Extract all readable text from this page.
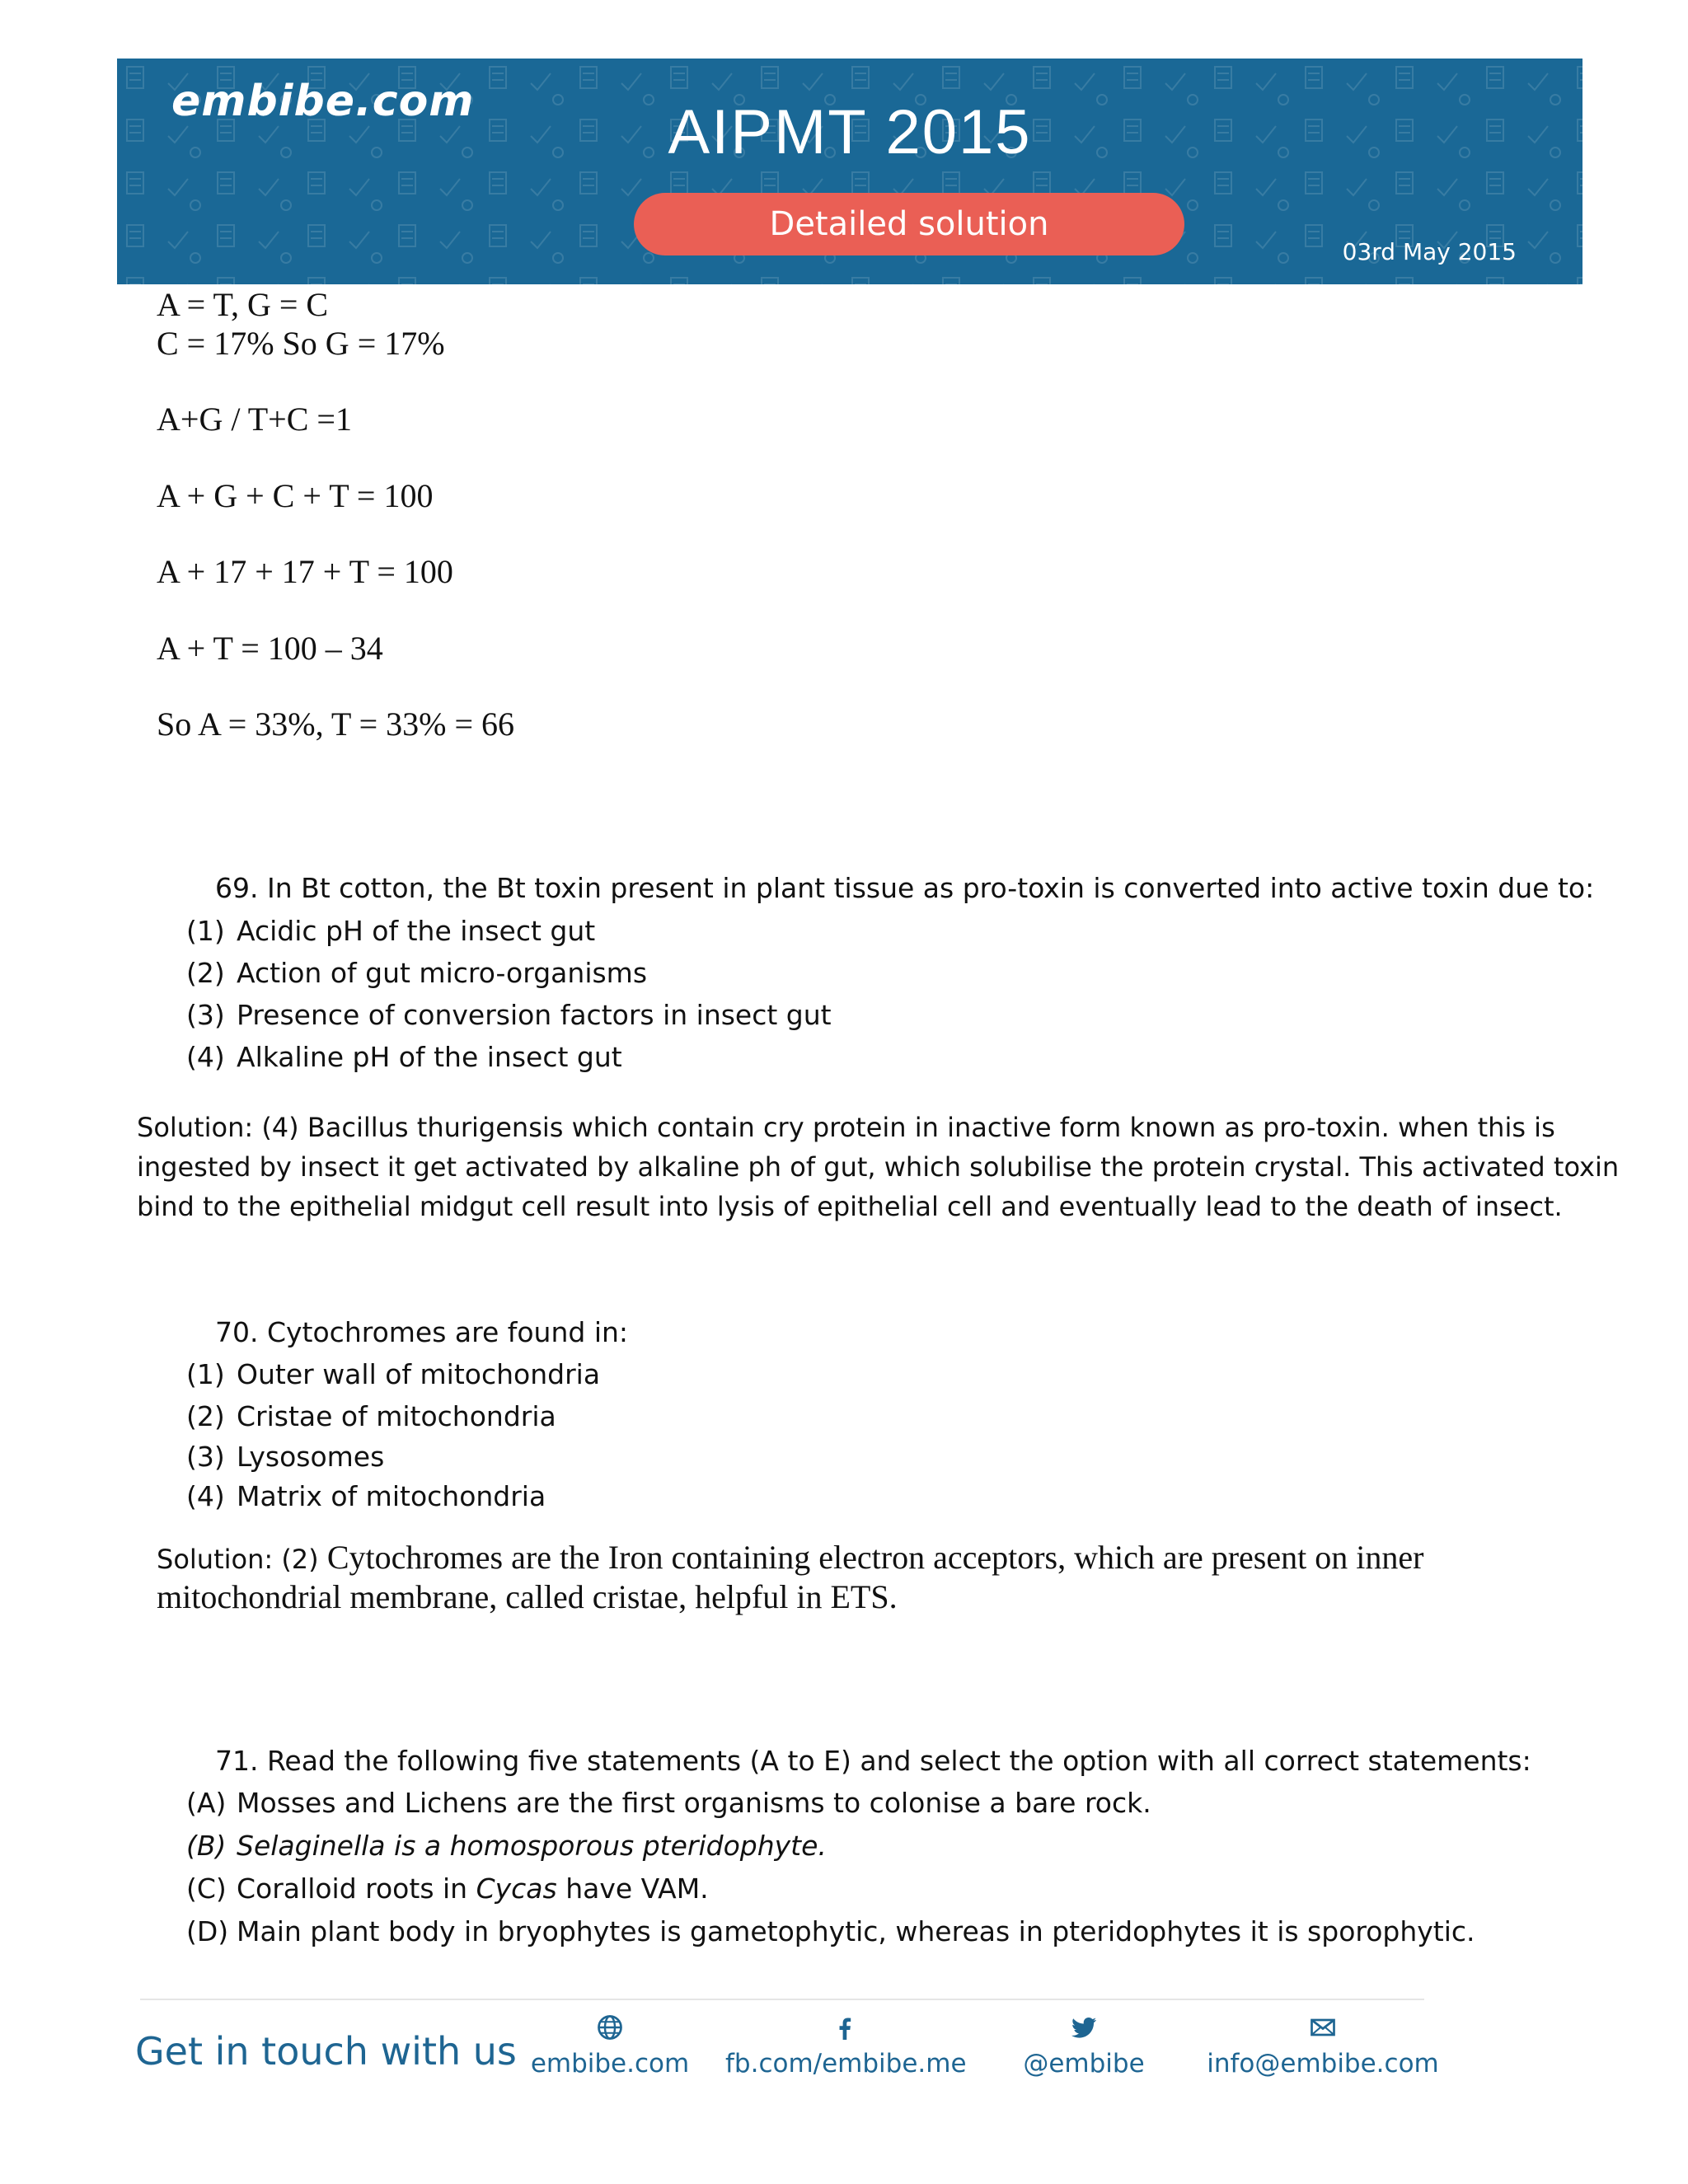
embibe.com	AIPMT 2015
Detailed solution
03rd May 2015
A = T, G = C
C = 17% So G = 17%
A+G / T+C =1
A + G + C + T = 100
A + 17 + 17 + T = 100
A + T = 100 – 34
So A = 33%, T = 33% = 66
69. In Bt cotton, the Bt toxin present in plant tissue as pro-toxin is converted into active toxin due to:
(1) Acidic pH of the insect gut
(2) Action of gut micro-organisms
(3) Presence of conversion factors in insect gut
(4) Alkaline pH of the insect gut
Solution: (4) Bacillus thurigensis which contain cry protein in inactive form known as pro-toxin. when this is
ingested by insect it get activated by alkaline ph of gut, which solubilise the protein crystal. This activated toxin
bind to the epithelial midgut cell result into lysis of epithelial cell and eventually lead to the death of insect.
70. Cytochromes are found in:
(1) Outer wall of mitochondria
(2) Cristae of mitochondria
(3) Lysosomes
(4) Matrix of mitochondria
Solution: (2) Cytochromes are the Iron containing electron acceptors, which are present on inner
mitochondrial membrane, called cristae, helpful in ETS.
71. Read the following five statements (A to E) and select the option with all correct statements:
(A) Mosses and Lichens are the first organisms to colonise a bare rock.
(B) Selaginella is a homosporous pteridophyte.
(C) Coralloid roots in Cycas have VAM.
(D) Main plant body in bryophytes is gametophytic, whereas in pteridophytes it is sporophytic.
Get in touch with us embibe.com fb.com/embibe.me	@embibe	info@embibe.com
